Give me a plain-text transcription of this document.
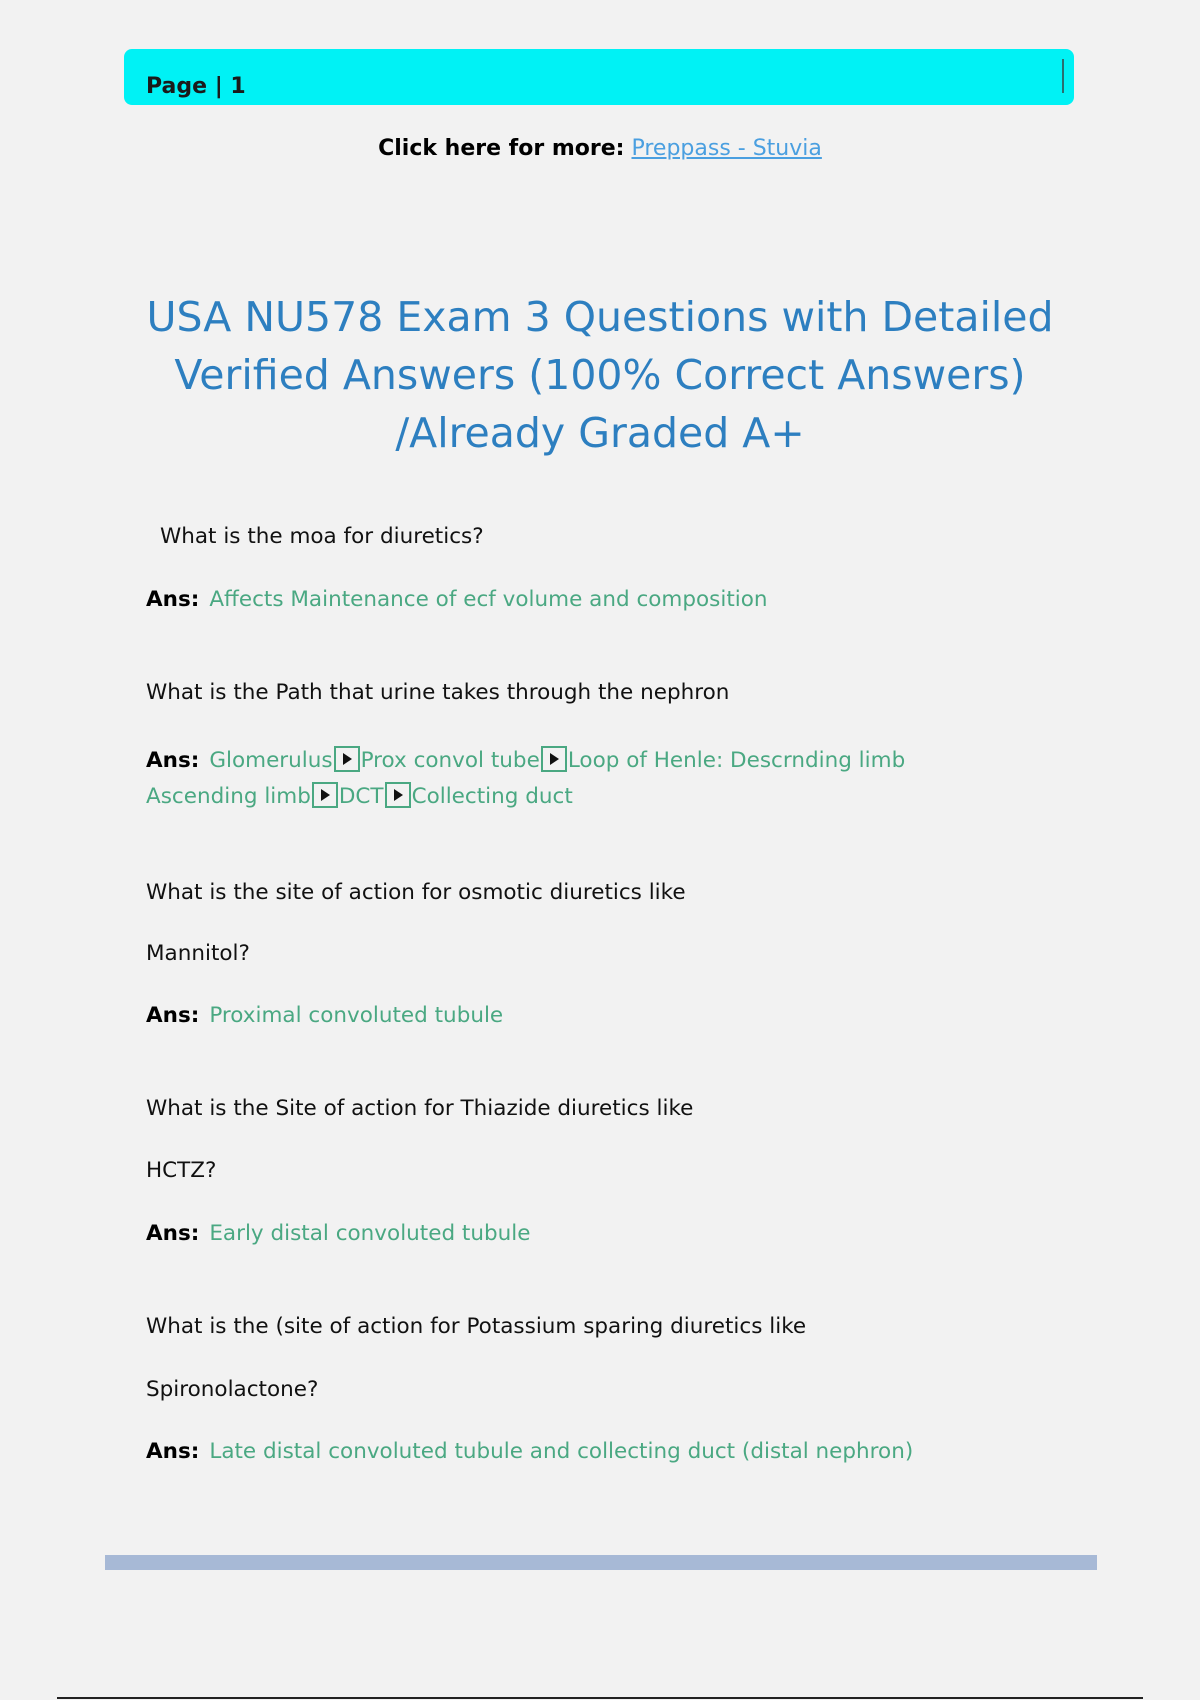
Page | 1
Click here for more: Preppass - Stuvia
USA NU578 Exam 3 Questions with Detailed Verified Answers (100% Correct Answers) /Already Graded A+
What is the moa for diuretics?
Ans: Affects Maintenance of ecf volume and composition
What is the Path that urine takes through the nephron
Ans: Glomerulus Prox convol tube Loop of Henle: Descrnding limb
Ascending limb DCT Collecting duct
What is the site of action for osmotic diuretics like
Mannitol?
Ans: Proximal convoluted tubule
What is the Site of action for Thiazide diuretics like
HCTZ?
Ans: Early distal convoluted tubule
What is the (site of action for Potassium sparing diuretics like
Spironolactone?
Ans: Late distal convoluted tubule and collecting duct (distal nephron)
